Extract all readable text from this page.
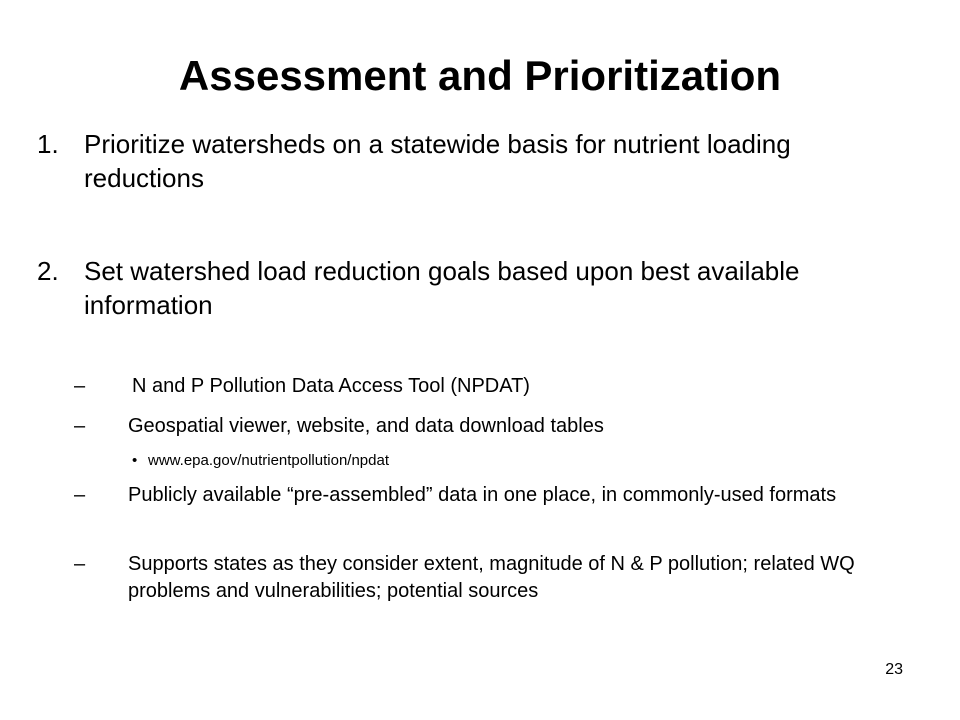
Assessment and Prioritization
1. Prioritize watersheds on a statewide basis for nutrient loading reductions
2. Set watershed load reduction goals based upon best available information
– N and P Pollution Data Access Tool (NPDAT)
– Geospatial viewer, website, and data download tables
• www.epa.gov/nutrientpollution/npdat
– Publicly available “pre-assembled” data in one place, in commonly-used formats
– Supports states as they consider extent, magnitude of N & P pollution; related WQ problems and vulnerabilities; potential sources
23
